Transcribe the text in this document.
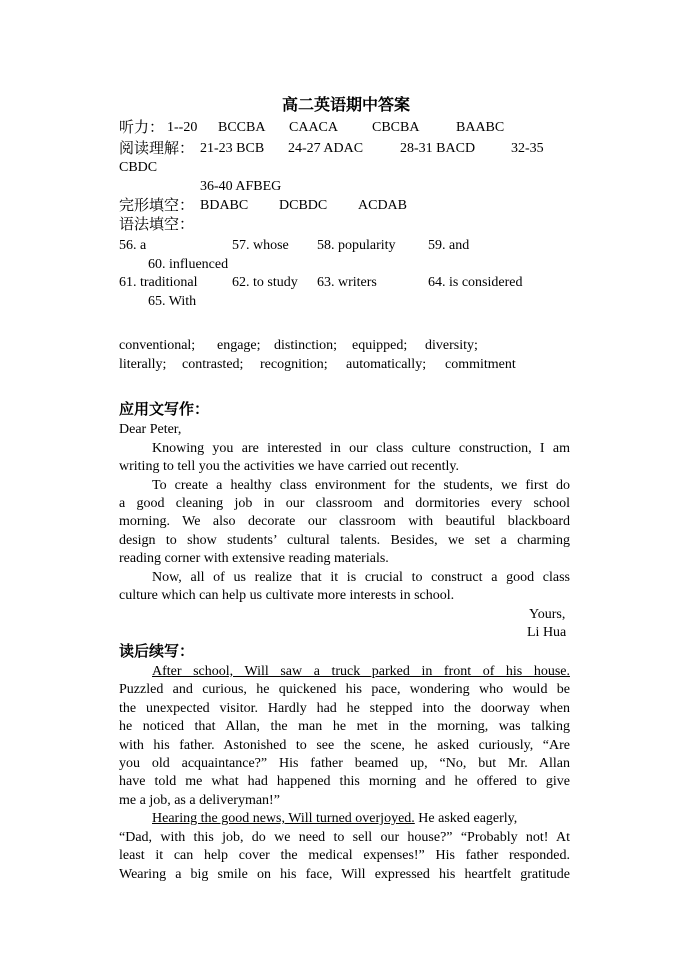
高二英语期中答案
听力： 1--20 BCCBA CAACA CBCBA	BAABC
阅读理解： 21-23 BCB 24-27 ADAC	28-31 BACD	32-35
CBDC
36-40 AFBEG
完形填空： BDABC DCBDC ACDAB
语法填空：
56. a	57. whose 58. popularity 59. and
60. influenced
61. traditional 62. to study 63. writers	64. is considered
65. With
conventional; engage; distinction; equipped; diversity;
literally; contrasted; recognition; automatically; commitment
应用文写作：
Dear Peter,
Knowing you are interested in our class culture construction, I am
writing to tell you the activities we have carried out recently.
To create a healthy class environment for the students, we first do
a good cleaning job in our classroom and dormitories every school
morning. We also decorate our classroom with beautiful blackboard
design to show students’ cultural talents. Besides, we set a charming
reading corner with extensive reading materials.
Now, all of us realize that it is crucial to construct a good class
culture which can help us cultivate more interests in school.
Yours,
Li Hua
读后续写：
After school, Will saw a truck parked in front of his house.
Puzzled and curious, he quickened his pace, wondering who would be
the unexpected visitor. Hardly had he stepped into the doorway when
he noticed that Allan, the man he met in the morning, was talking
with his father. Astonished to see the scene, he asked curiously, “Are
you old acquaintance?” His father beamed up, “No, but Mr. Allan
have told me what had happened this morning and he offered to give
me a job, as a deliveryman!”
Hearing the good news, Will turned overjoyed. He asked eagerly,
“Dad, with this job, do we need to sell our house?” “Probably not! At
least it can help cover the medical expenses!” His father responded.
Wearing a big smile on his face, Will expressed his heartfelt gratitude
